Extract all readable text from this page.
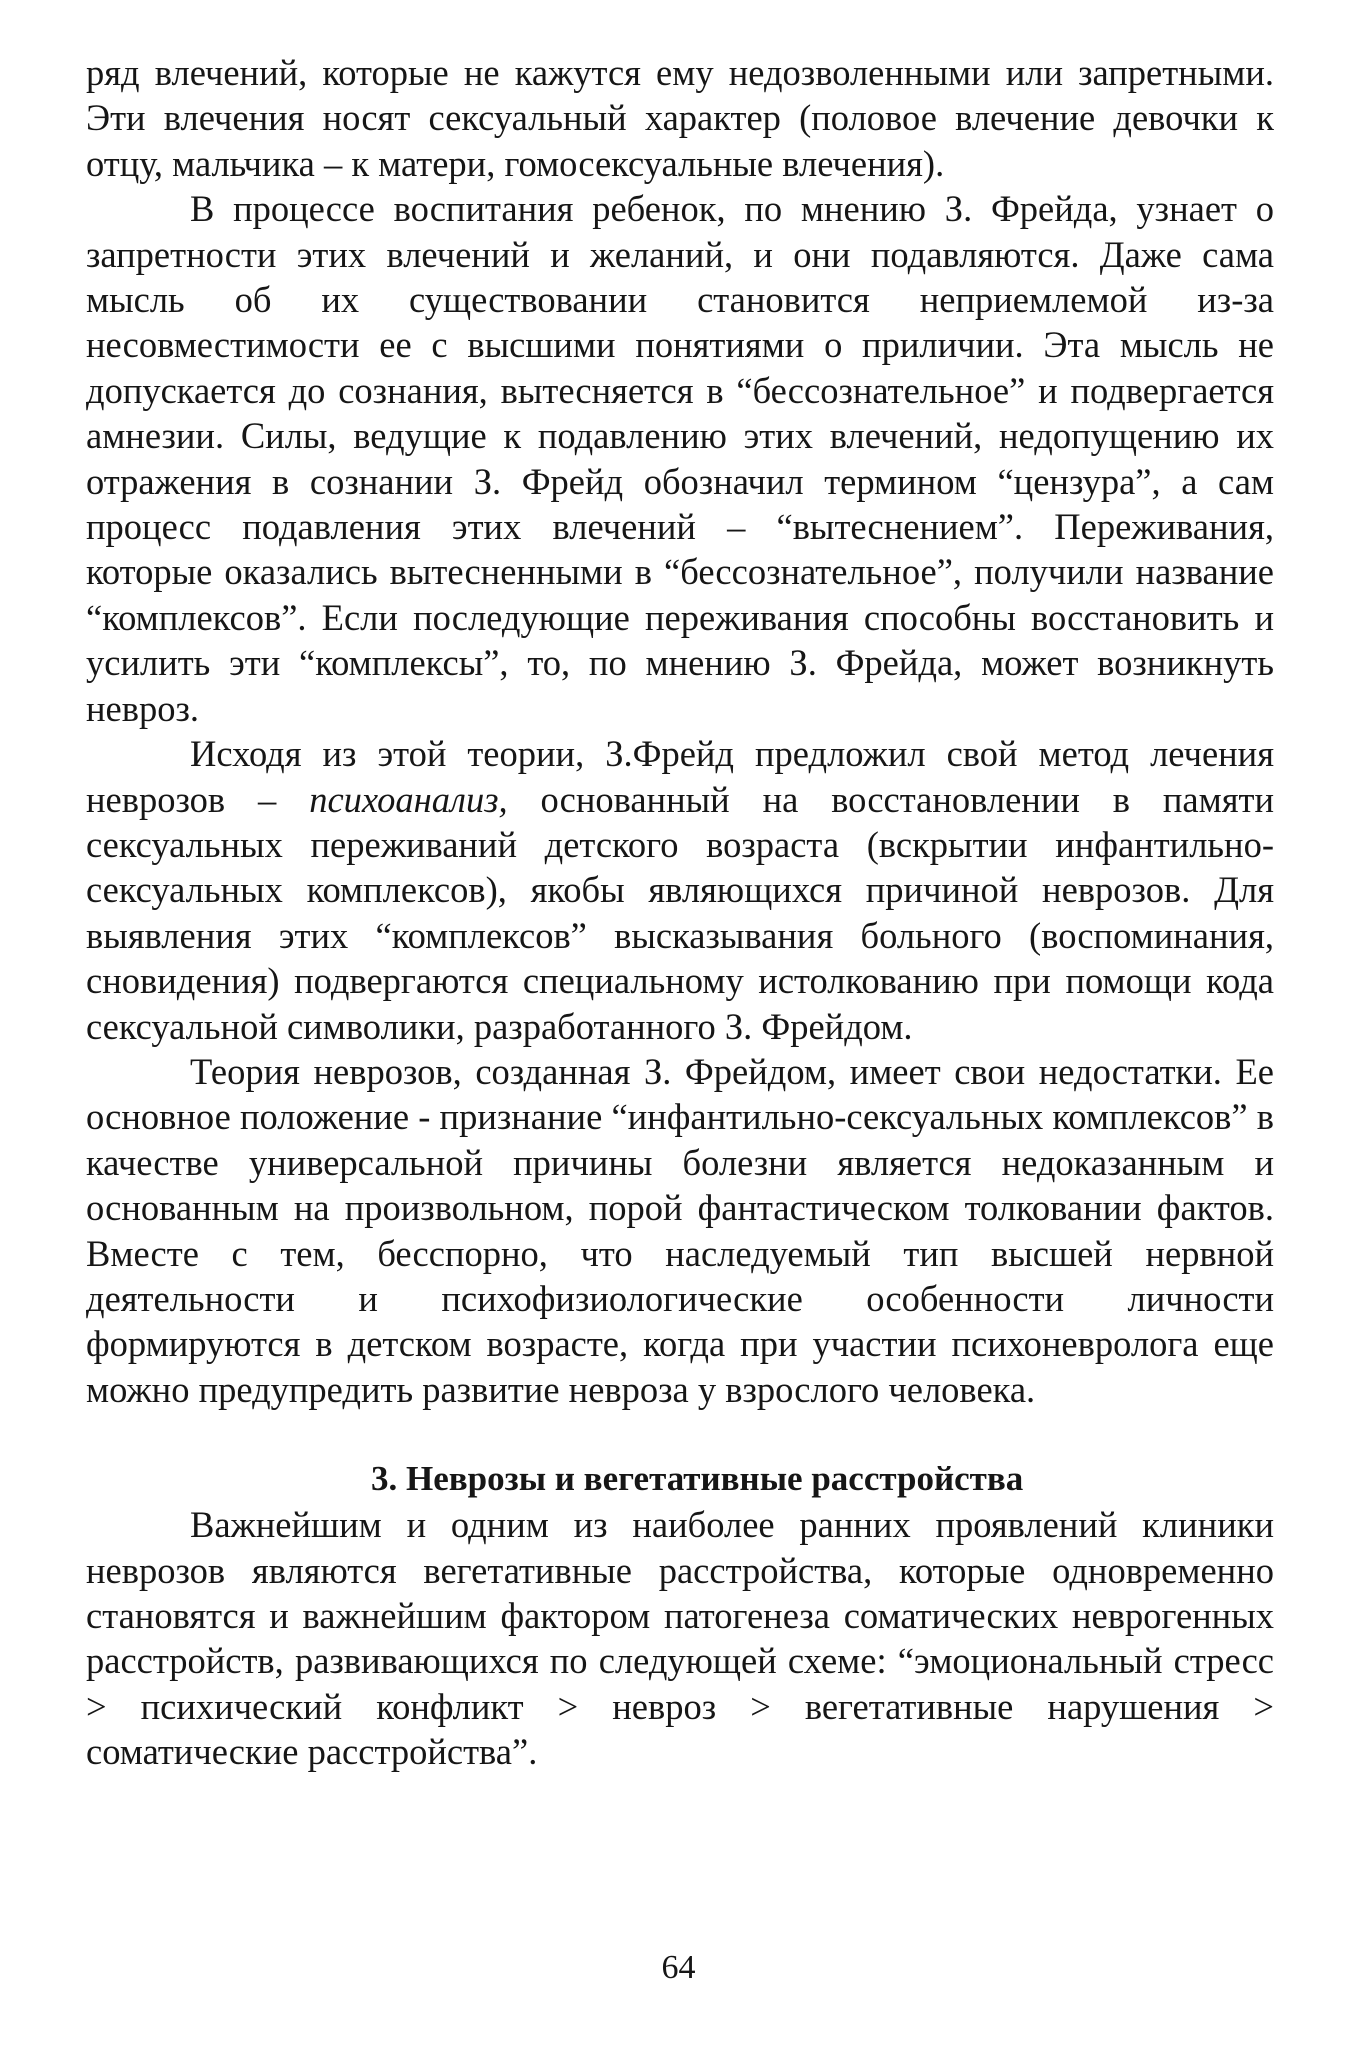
ряд влечений, которые не кажутся ему недозволенными или запретными. Эти влечения носят сексуальный характер (половое влечение девочки к отцу, мальчика – к матери, гомосексуальные влечения).

В процессе воспитания ребенок, по мнению З. Фрейда, узнает о запретности этих влечений и желаний, и они подавляются. Даже сама мысль об их существовании становится неприемлемой из-за несовместимости ее с высшими понятиями о приличии. Эта мысль не допускается до сознания, вытесняется в “бессознательное” и подвергается амнезии. Силы, ведущие к подавлению этих влечений, недопущению их отражения в сознании З. Фрейд обозначил термином “цензура”, а сам процесс подавления этих влечений – “вытеснением”. Переживания, которые оказались вытесненными в “бессознательное”, получили название “комплексов”. Если последующие переживания способны восстановить и усилить эти “комплексы”, то, по мнению З. Фрейда, может возникнуть невроз.

Исходя из этой теории, З.Фрейд предложил свой метод лечения неврозов – психоанализ, основанный на восстановлении в памяти сексуальных переживаний детского возраста (вскрытии инфантильно-сексуальных комплексов), якобы являющихся причиной неврозов. Для выявления этих “комплексов” высказывания больного (воспоминания, сновидения) подвергаются специальному истолкованию при помощи кода сексуальной символики, разработанного З. Фрейдом.

Теория неврозов, созданная З. Фрейдом, имеет свои недостатки. Ее основное положение - признание “инфантильно-сексуальных комплексов” в качестве универсальной причины болезни является недоказанным и основанным на произвольном, порой фантастическом толковании фактов. Вместе с тем, бесспорно, что наследуемый тип высшей нервной деятельности и психофизиологические особенности личности формируются в детском возрасте, когда при участии психоневролога еще можно предупредить развитие невроза у взрослого человека.

3. Неврозы и вегетативные расстройства

Важнейшим и одним из наиболее ранних проявлений клиники неврозов являются вегетативные расстройства, которые одновременно становятся и важнейшим фактором патогенеза соматических неврогенных расстройств, развивающихся по следующей схеме: “эмоциональный стресс > психический конфликт > невроз > вегетативные нарушения > соматические расстройства”.

64
